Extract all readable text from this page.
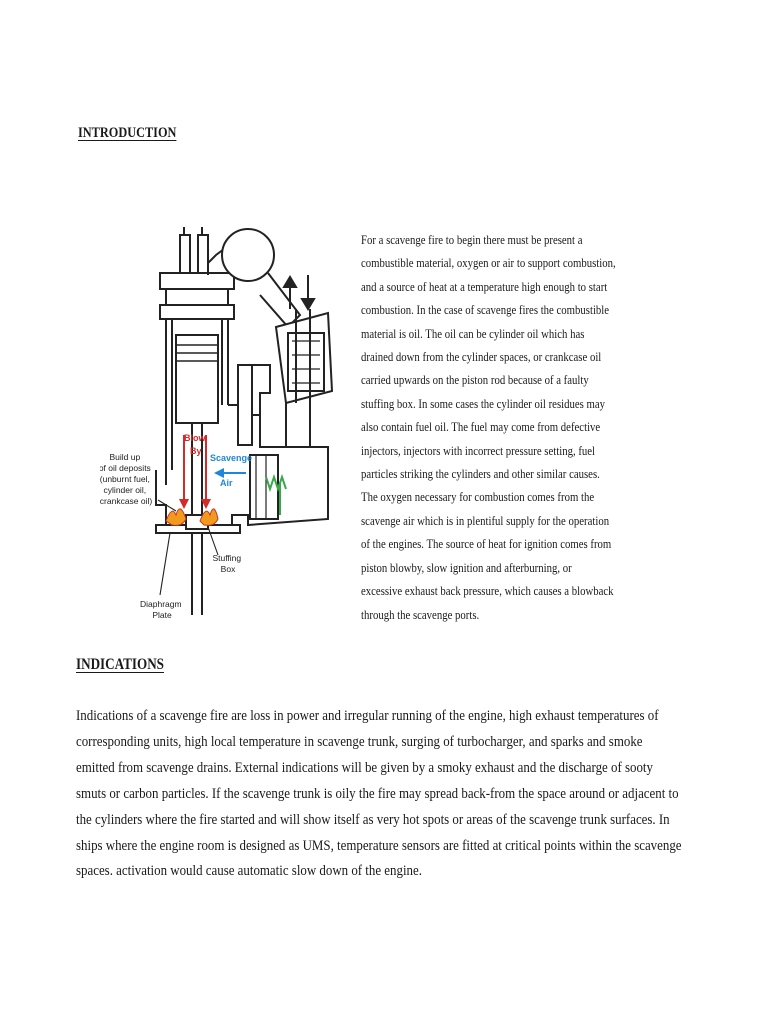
INTRODUCTION
Blow
By
Scavenge
Air
Build up of oil deposits (unburnt fuel, cylinder oil, crankcase oil)
Stuffing Box
Diaphragm Plate
For a scavenge fire to begin there must be present a
combustible material, oxygen or air to support combustion,
and a source of heat at a temperature high enough to start
combustion. In the case of scavenge fires the combustible
material is oil. The oil can be cylinder oil which has
drained down from the cylinder spaces, or crankcase oil
carried upwards on the piston rod because of a faulty
stuffing box. In some cases the cylinder oil residues may
also contain fuel oil. The fuel may come from defective
injectors, injectors with incorrect pressure setting, fuel
particles striking the cylinders and other similar causes.
The oxygen necessary for combustion comes from the
scavenge air which is in plentiful supply for the operation
of the engines. The source of heat for ignition comes from
piston blowby, slow ignition and afterburning, or
excessive exhaust back pressure, which causes a blowback
through the scavenge ports.
INDICATIONS
Indications of a scavenge fire are loss in power and irregular running of the engine, high exhaust temperatures of
corresponding units, high local temperature in scavenge trunk, surging of turbocharger, and sparks and smoke
emitted from scavenge drains. External indications will be given by a smoky exhaust and the discharge of sooty
smuts or carbon particles. If the scavenge trunk is oily the fire may spread back-from the space around or adjacent to
the cylinders where the fire started and will show itself as very hot spots or areas of the scavenge trunk surfaces. In
ships where the engine room is designed as UMS, temperature sensors are fitted at critical points within the scavenge
spaces. activation would cause automatic slow down of the engine.
